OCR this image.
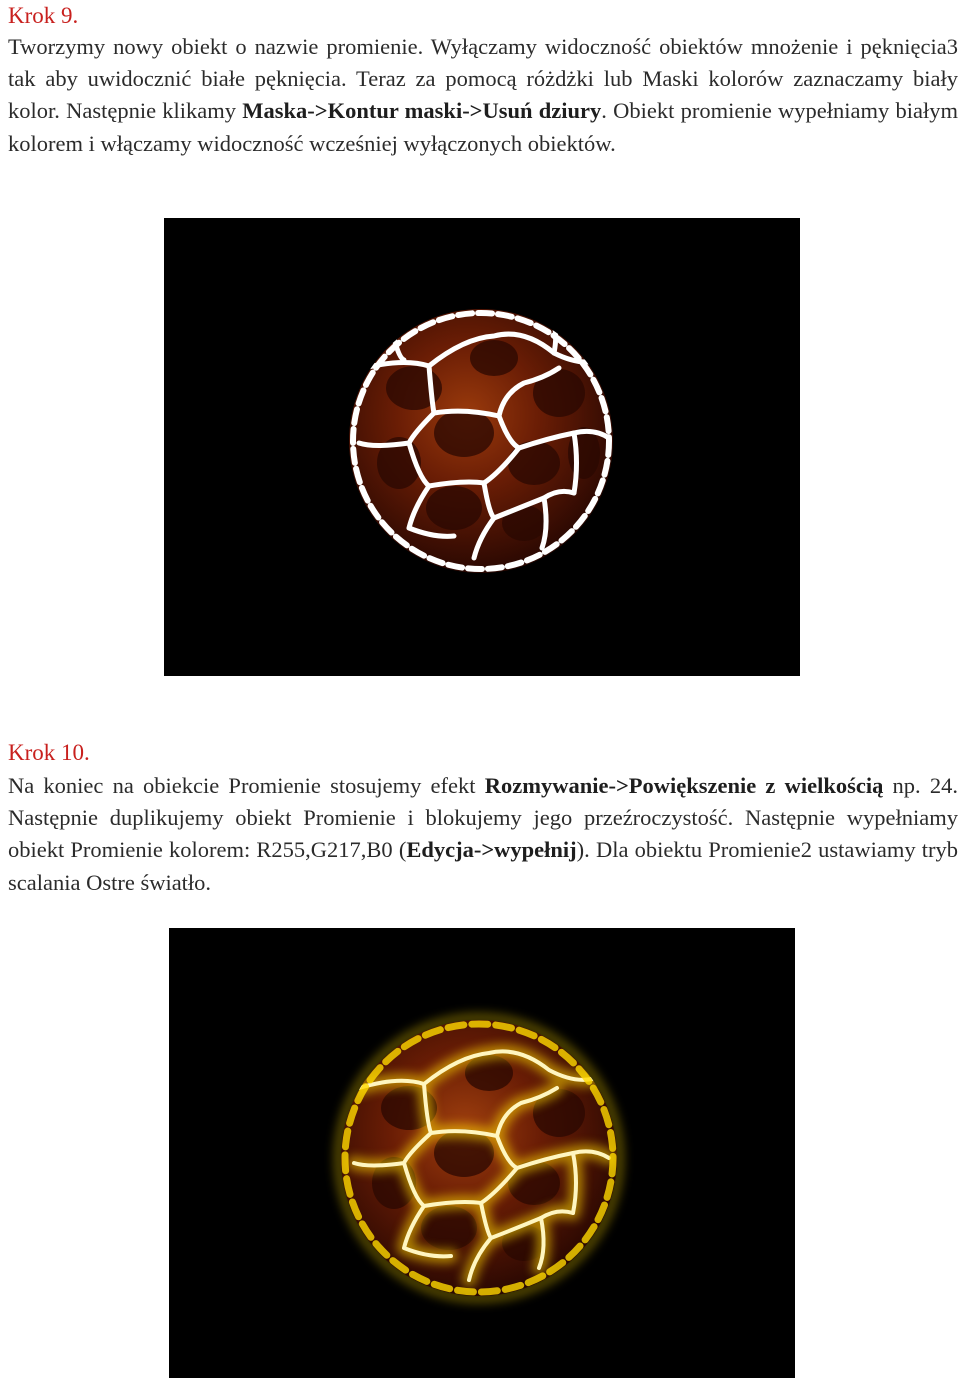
Krok 9.

Tworzymy nowy obiekt o nazwie promienie. Wyłączamy widoczność obiektów mnożenie i pęknięcia3 tak aby uwidocznić białe pęknięcia. Teraz za pomocą różdżki lub Maski kolorów zaznaczamy biały kolor. Następnie klikamy Maska->Kontur maski->Usuń dziury. Obiekt promienie wypełniamy białym kolorem i włączamy widoczność wcześniej wyłączonych obiektów.

Krok 10.

Na koniec na obiekcie Promienie stosujemy efekt Rozmywanie->Powiększenie z wielkością np. 24. Następnie duplikujemy obiekt Promienie i blokujemy jego przeźroczystość. Następnie wypełniamy obiekt Promienie kolorem: R255,G217,B0 (Edycja->wypełnij). Dla obiektu Promienie2 ustawiamy tryb scalania Ostre światło.
